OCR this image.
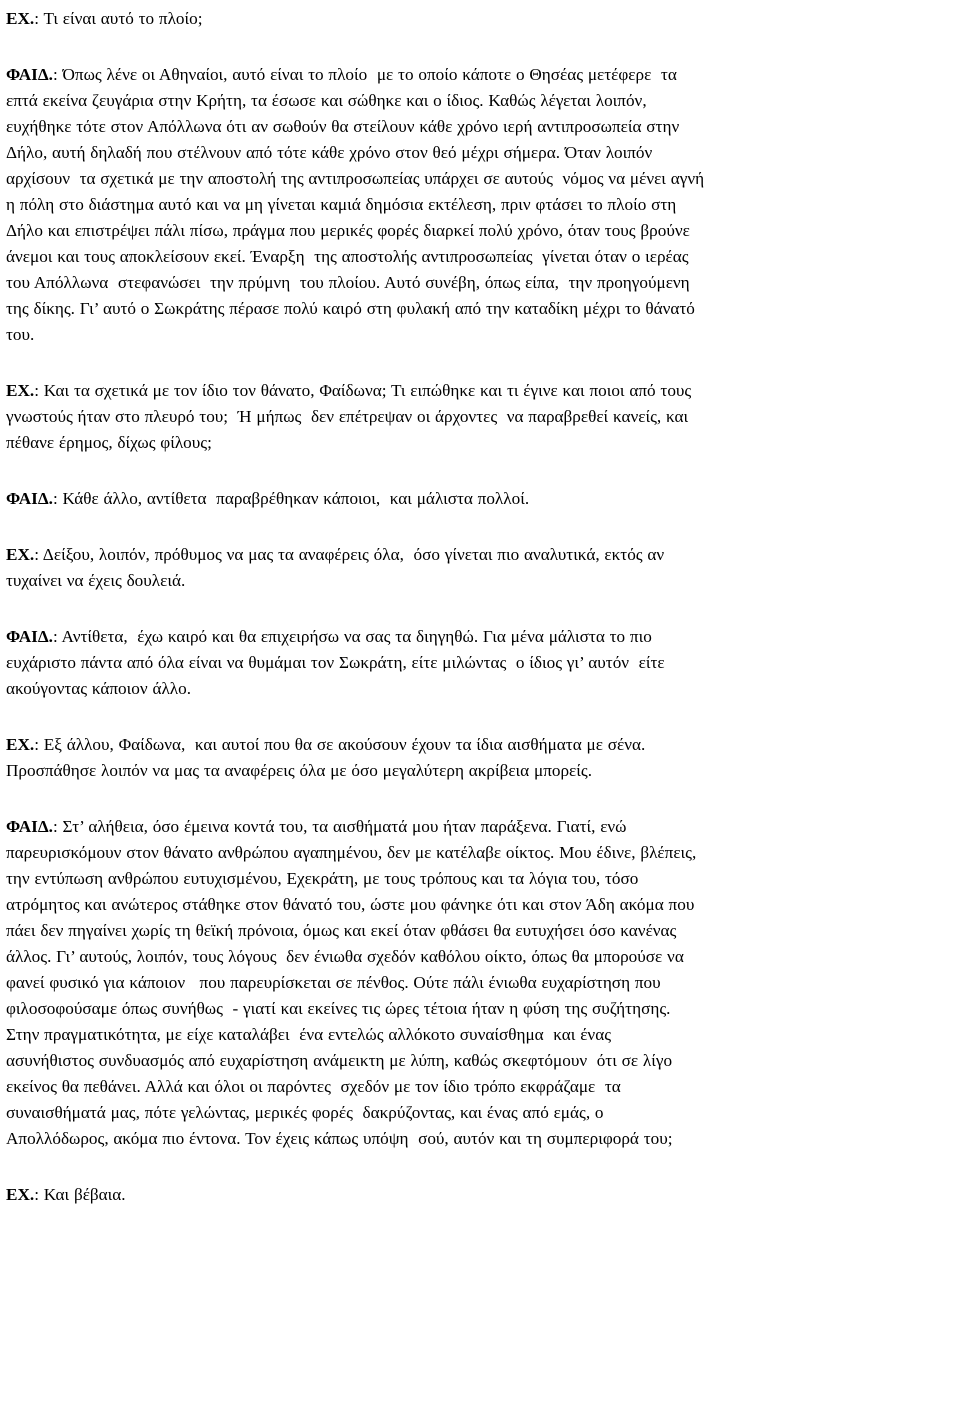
ΕΧ.: Τι είναι αυτό το πλοίο;

ΦΑΙΔ.: Όπως λένε οι Αθηναίοι, αυτό είναι το πλοίο  με το οποίο κάποτε ο Θησέας μετέφερε  τα
επτά εκείνα ζευγάρια στην Κρήτη, τα έσωσε και σώθηκε και ο ίδιος. Καθώς λέγεται λοιπόν,
ευχήθηκε τότε στον Απόλλωνα ότι αν σωθούν θα στείλουν κάθε χρόνο ιερή αντιπροσωπεία στην
Δήλο, αυτή δηλαδή που στέλνουν από τότε κάθε χρόνο στον θεό μέχρι σήμερα. Όταν λοιπόν
αρχίσουν  τα σχετικά με την αποστολή της αντιπροσωπείας υπάρχει σε αυτούς  νόμος να μένει αγνή
η πόλη στο διάστημα αυτό και να μη γίνεται καμιά δημόσια εκτέλεση, πριν φτάσει το πλοίο στη
Δήλο και επιστρέψει πάλι πίσω, πράγμα που μερικές φορές διαρκεί πολύ χρόνο, όταν τους βρούνε
άνεμοι και τους αποκλείσουν εκεί. Έναρξη  της αποστολής αντιπροσωπείας  γίνεται όταν ο ιερέας
του Απόλλωνα  στεφανώσει  την πρύμνη  του πλοίου. Αυτό συνέβη, όπως είπα,  την προηγούμενη
της δίκης. Γι’ αυτό ο Σωκράτης πέρασε πολύ καιρό στη φυλακή από την καταδίκη μέχρι το θάνατό
του.

ΕΧ.: Και τα σχετικά με τον ίδιο τον θάνατο, Φαίδωνα; Τι ειπώθηκε και τι έγινε και ποιοι από τους
γνωστούς ήταν στο πλευρό του;  Ή μήπως  δεν επέτρεψαν οι άρχοντες  να παραβρεθεί κανείς, και
πέθανε έρημος, δίχως φίλους;

ΦΑΙΔ.: Κάθε άλλο, αντίθετα  παραβρέθηκαν κάποιοι,  και μάλιστα πολλοί.

ΕΧ.: Δείξου, λοιπόν, πρόθυμος να μας τα αναφέρεις όλα,  όσο γίνεται πιο αναλυτικά, εκτός αν
τυχαίνει να έχεις δουλειά.

ΦΑΙΔ.: Αντίθετα,  έχω καιρό και θα επιχειρήσω να σας τα διηγηθώ. Για μένα μάλιστα το πιο
ευχάριστο πάντα από όλα είναι να θυμάμαι τον Σωκράτη, είτε μιλώντας  ο ίδιος γι’ αυτόν  είτε
ακούγοντας κάποιον άλλο.

ΕΧ.: Εξ άλλου, Φαίδωνα,  και αυτοί που θα σε ακούσουν έχουν τα ίδια αισθήματα με σένα.
Προσπάθησε λοιπόν να μας τα αναφέρεις όλα με όσο μεγαλύτερη ακρίβεια μπορείς.

ΦΑΙΔ.: Στ’ αλήθεια, όσο έμεινα κοντά του, τα αισθήματά μου ήταν παράξενα. Γιατί, ενώ
παρευρισκόμουν στον θάνατο ανθρώπου αγαπημένου, δεν με κατέλαβε οίκτος. Μου έδινε, βλέπεις,
την εντύπωση ανθρώπου ευτυχισμένου, Εχεκράτη, με τους τρόπους και τα λόγια του, τόσο
ατρόμητος και ανώτερος στάθηκε στον θάνατό του, ώστε μου φάνηκε ότι και στον Άδη ακόμα που
πάει δεν πηγαίνει χωρίς τη θεϊκή πρόνοια, όμως και εκεί όταν φθάσει θα ευτυχήσει όσο κανένας
άλλος. Γι’ αυτούς, λοιπόν, τους λόγους  δεν ένιωθα σχεδόν καθόλου οίκτο, όπως θα μπορούσε να
φανεί φυσικό για κάποιον   που παρευρίσκεται σε πένθος. Ούτε πάλι ένιωθα ευχαρίστηση που
φιλοσοφούσαμε όπως συνήθως  - γιατί και εκείνες τις ώρες τέτοια ήταν η φύση της συζήτησης.
Στην πραγματικότητα, με είχε καταλάβει  ένα εντελώς αλλόκοτο συναίσθημα  και ένας
ασυνήθιστος συνδυασμός από ευχαρίστηση ανάμεικτη με λύπη, καθώς σκεφτόμουν  ότι σε λίγο
εκείνος θα πεθάνει. Αλλά και όλοι οι παρόντες  σχεδόν με τον ίδιο τρόπο εκφράζαμε  τα
συναισθήματά μας, πότε γελώντας, μερικές φορές  δακρύζοντας, και ένας από εμάς, ο
Απολλόδωρος, ακόμα πιο έντονα. Τον έχεις κάπως υπόψη  σού, αυτόν και τη συμπεριφορά του;

ΕΧ.: Και βέβαια.
